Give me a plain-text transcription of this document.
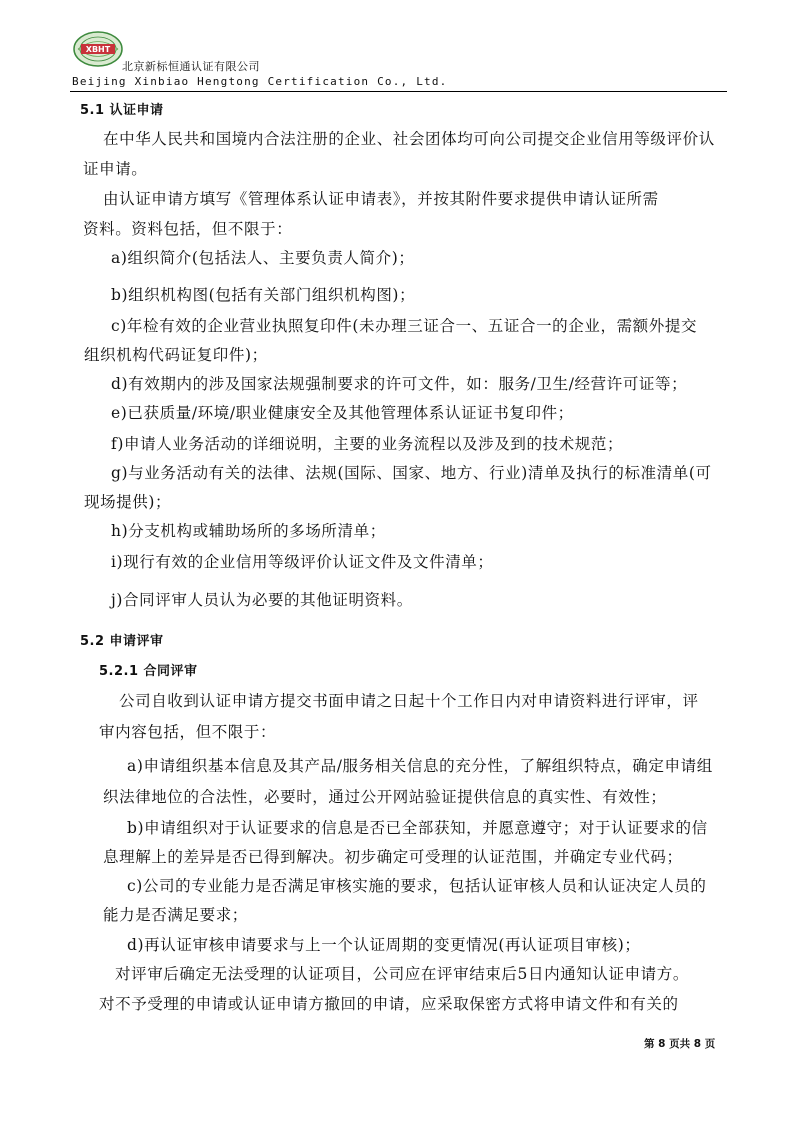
XBHT
北京新标恒通认证有限公司
Beijing Xinbiao Hengtong Certification Co., Ltd.
5.1 认证申请
在中华人民共和国境内合法注册的企业、社会团体均可向公司提交企业信用等级评价认
证申请。
由认证申请方填写《管理体系认证申请表》，并按其附件要求提供申请认证所需
资料。资料包括，但不限于：
a)组织简介(包括法人、主要负责人简介)；
b)组织机构图(包括有关部门组织机构图)；
c)年检有效的企业营业执照复印件(未办理三证合一、五证合一的企业，需额外提交
组织机构代码证复印件)；
d)有效期内的涉及国家法规强制要求的许可文件，如：服务/卫生/经营许可证等；
e)已获质量/环境/职业健康安全及其他管理体系认证证书复印件；
f)申请人业务活动的详细说明，主要的业务流程以及涉及到的技术规范；
g)与业务活动有关的法律、法规(国际、国家、地方、行业)清单及执行的标准清单(可
现场提供)；
h)分支机构或辅助场所的多场所清单；
i)现行有效的企业信用等级评价认证文件及文件清单；
j)合同评审人员认为必要的其他证明资料。
5.2 申请评审
5.2.1 合同评审
公司自收到认证申请方提交书面申请之日起十个工作日内对申请资料进行评审，评
审内容包括，但不限于：
a)申请组织基本信息及其产品/服务相关信息的充分性，了解组织特点，确定申请组
织法律地位的合法性，必要时，通过公开网站验证提供信息的真实性、有效性；
b)申请组织对于认证要求的信息是否已全部获知，并愿意遵守；对于认证要求的信
息理解上的差异是否已得到解决。初步确定可受理的认证范围，并确定专业代码；
c)公司的专业能力是否满足审核实施的要求，包括认证审核人员和认证决定人员的
能力是否满足要求；
d)再认证审核申请要求与上一个认证周期的变更情况(再认证项目审核)；
对评审后确定无法受理的认证项目，公司应在评审结束后5日内通知认证申请方。
对不予受理的申请或认证申请方撤回的申请，应采取保密方式将申请文件和有关的
第 8 页共 8 页
